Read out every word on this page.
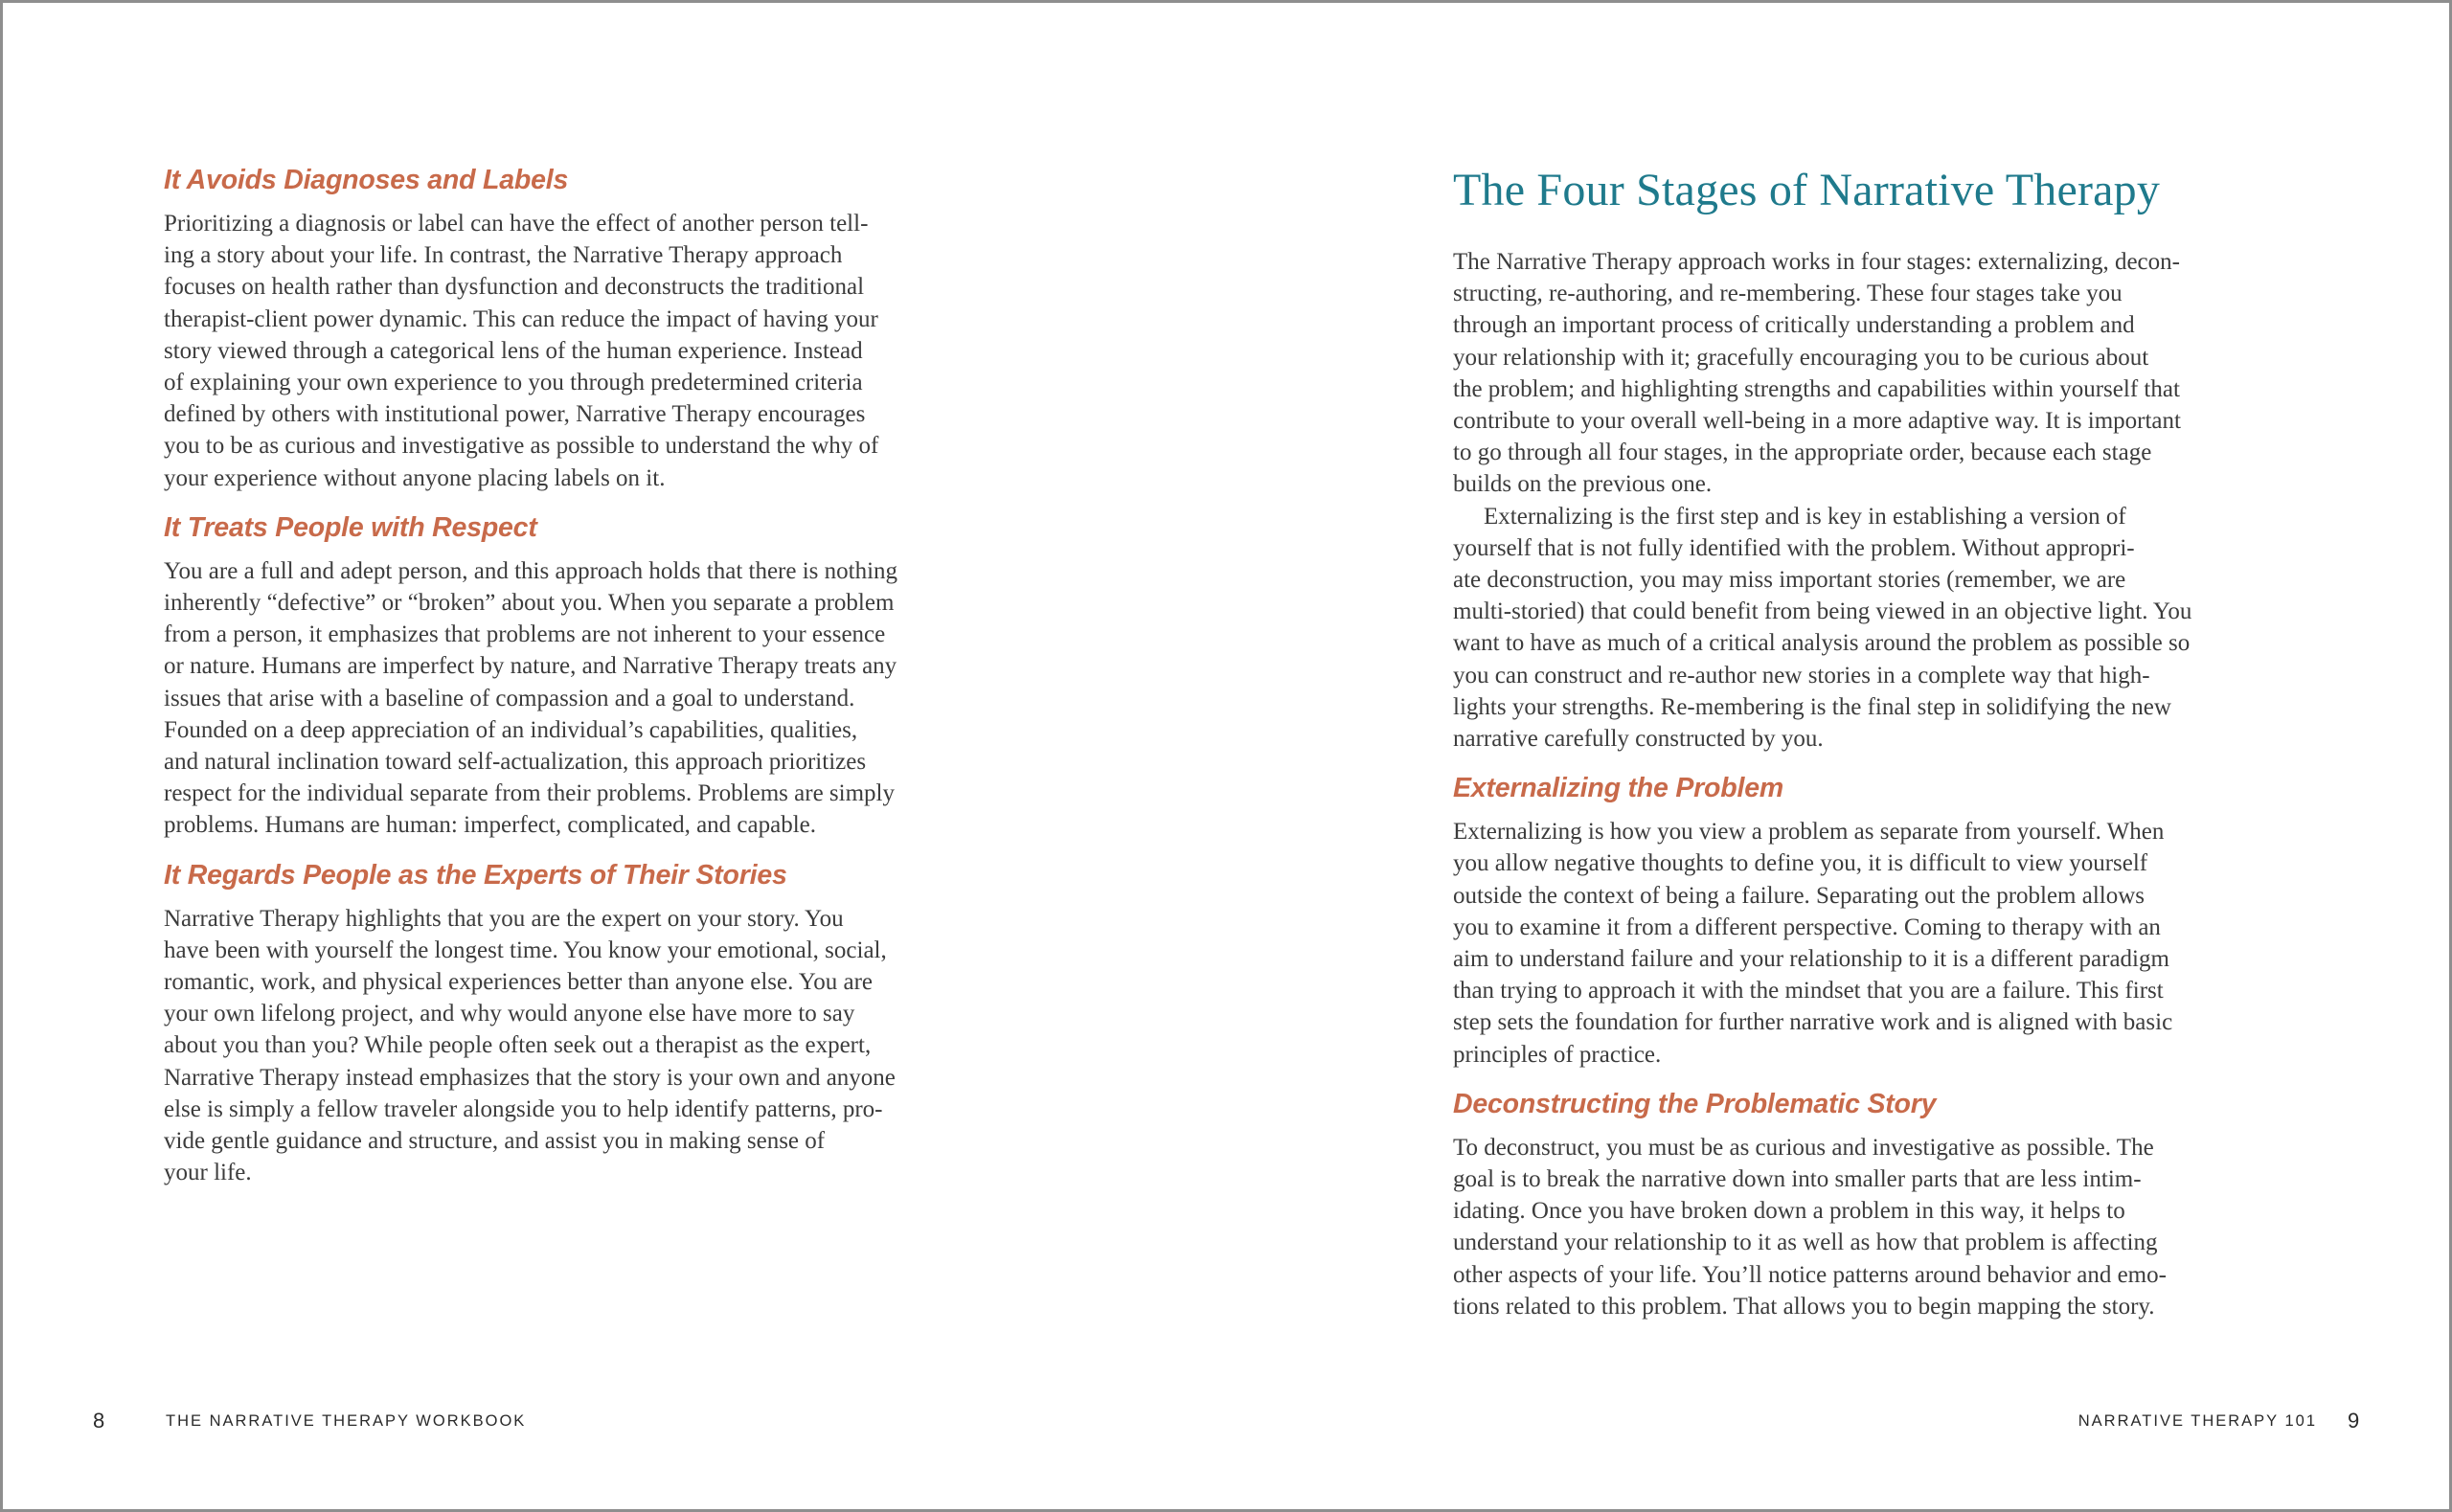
It Avoids Diagnoses and Labels

Prioritizing a diagnosis or label can have the effect of another person tell-
ing a story about your life. In contrast, the Narrative Therapy approach
focuses on health rather than dysfunction and deconstructs the traditional
therapist-client power dynamic. This can reduce the impact of having your
story viewed through a categorical lens of the human experience. Instead
of explaining your own experience to you through predetermined criteria
defined by others with institutional power, Narrative Therapy encourages
you to be as curious and investigative as possible to understand the why of
your experience without anyone placing labels on it.

It Treats People with Respect

You are a full and adept person, and this approach holds that there is nothing
inherently “defective” or “broken” about you. When you separate a problem
from a person, it emphasizes that problems are not inherent to your essence
or nature. Humans are imperfect by nature, and Narrative Therapy treats any
issues that arise with a baseline of compassion and a goal to understand.
Founded on a deep appreciation of an individual’s capabilities, qualities,
and natural inclination toward self-actualization, this approach prioritizes
respect for the individual separate from their problems. Problems are simply
problems. Humans are human: imperfect, complicated, and capable.

It Regards People as the Experts of Their Stories

Narrative Therapy highlights that you are the expert on your story. You
have been with yourself the longest time. You know your emotional, social,
romantic, work, and physical experiences better than anyone else. You are
your own lifelong project, and why would anyone else have more to say
about you than you? While people often seek out a therapist as the expert,
Narrative Therapy instead emphasizes that the story is your own and anyone
else is simply a fellow traveler alongside you to help identify patterns, pro-
vide gentle guidance and structure, and assist you in making sense of
your life.

8	THE NARRATIVE THERAPY WORKBOOK
The Four Stages of Narrative Therapy

The Narrative Therapy approach works in four stages: externalizing, decon-
structing, re-authoring, and re-membering. These four stages take you
through an important process of critically understanding a problem and
your relationship with it; gracefully encouraging you to be curious about
the problem; and highlighting strengths and capabilities within yourself that
contribute to your overall well-being in a more adaptive way. It is important
to go through all four stages, in the appropriate order, because each stage
builds on the previous one.

Externalizing is the first step and is key in establishing a version of
yourself that is not fully identified with the problem. Without appropri-
ate deconstruction, you may miss important stories (remember, we are
multi-storied) that could benefit from being viewed in an objective light. You
want to have as much of a critical analysis around the problem as possible so
you can construct and re-author new stories in a complete way that high-
lights your strengths. Re-membering is the final step in solidifying the new
narrative carefully constructed by you.

Externalizing the Problem

Externalizing is how you view a problem as separate from yourself. When
you allow negative thoughts to define you, it is difficult to view yourself
outside the context of being a failure. Separating out the problem allows
you to examine it from a different perspective. Coming to therapy with an
aim to understand failure and your relationship to it is a different paradigm
than trying to approach it with the mindset that you are a failure. This first
step sets the foundation for further narrative work and is aligned with basic
principles of practice.

Deconstructing the Problematic Story

To deconstruct, you must be as curious and investigative as possible. The
goal is to break the narrative down into smaller parts that are less intim-
idating. Once you have broken down a problem in this way, it helps to
understand your relationship to it as well as how that problem is affecting
other aspects of your life. You’ll notice patterns around behavior and emo-
tions related to this problem. That allows you to begin mapping the story.

NARRATIVE THERAPY 101 9
